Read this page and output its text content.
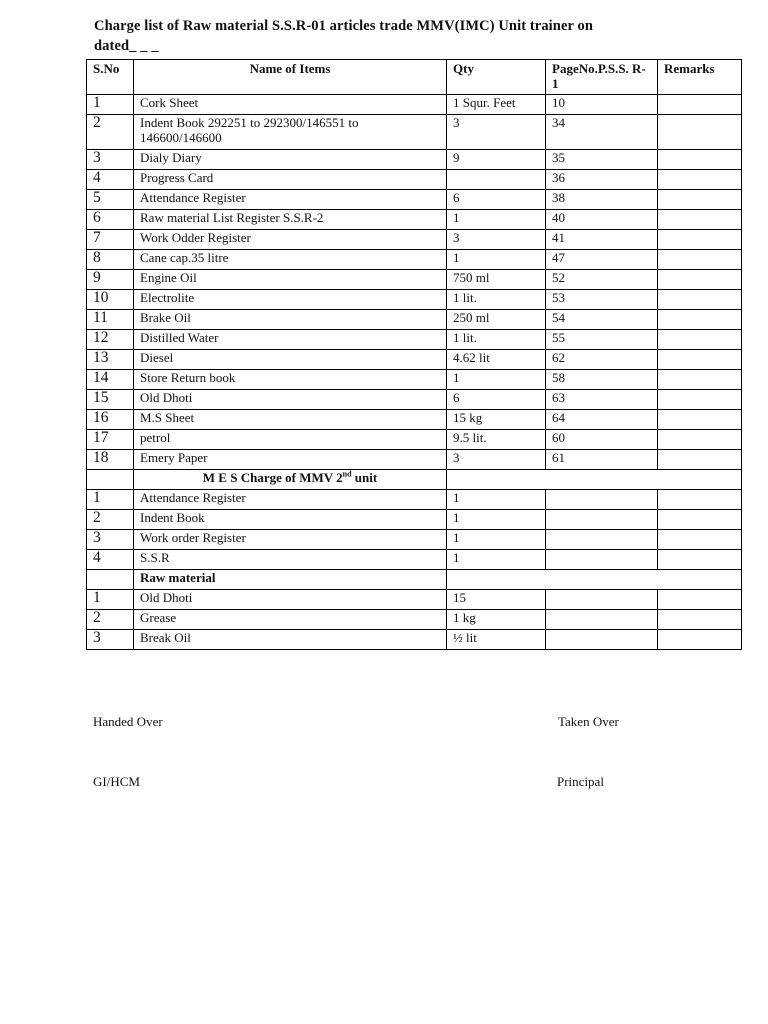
Charge list of Raw material S.S.R-01 articles trade MMV(IMC) Unit trainer on
dated_ _ _
S.No	Name of Items	Qty	PageNo.P.S.S. R-1	Remarks
1	Cork Sheet	1 Squr. Feet	10	
2	Indent Book 292251 to 292300/146551 to 146600/146600	3	34	
3	Dialy Diary	9	35	
4	Progress Card		36	
5	Attendance Register	6	38	
6	Raw material List Register S.S.R-2	1	40	
7	Work Odder Register	3	41	
8	Cane cap.35 litre	1	47	
9	Engine Oil	750 ml	52	
10	Electrolite	1 lit.	53	
11	Brake Oil	250 ml	54	
12	Distilled Water	1 lit.	55	
13	Diesel	4.62 lit	62	
14	Store Return book	1	58	
15	Old Dhoti	6	63	
16	M.S Sheet	15 kg	64	
17	petrol	9.5 lit.	60	
18	Emery Paper	3	61	
	M E S Charge of MMV 2nd unit			
1	Attendance Register	1		
2	Indent Book	1		
3	Work order Register	1		
4	S.S.R	1		
	Raw material			
1	Old Dhoti	15		
2	Grease	1 kg		
3	Break Oil	½ lit		
Handed Over	Taken Over
GI/HCM	Principal
